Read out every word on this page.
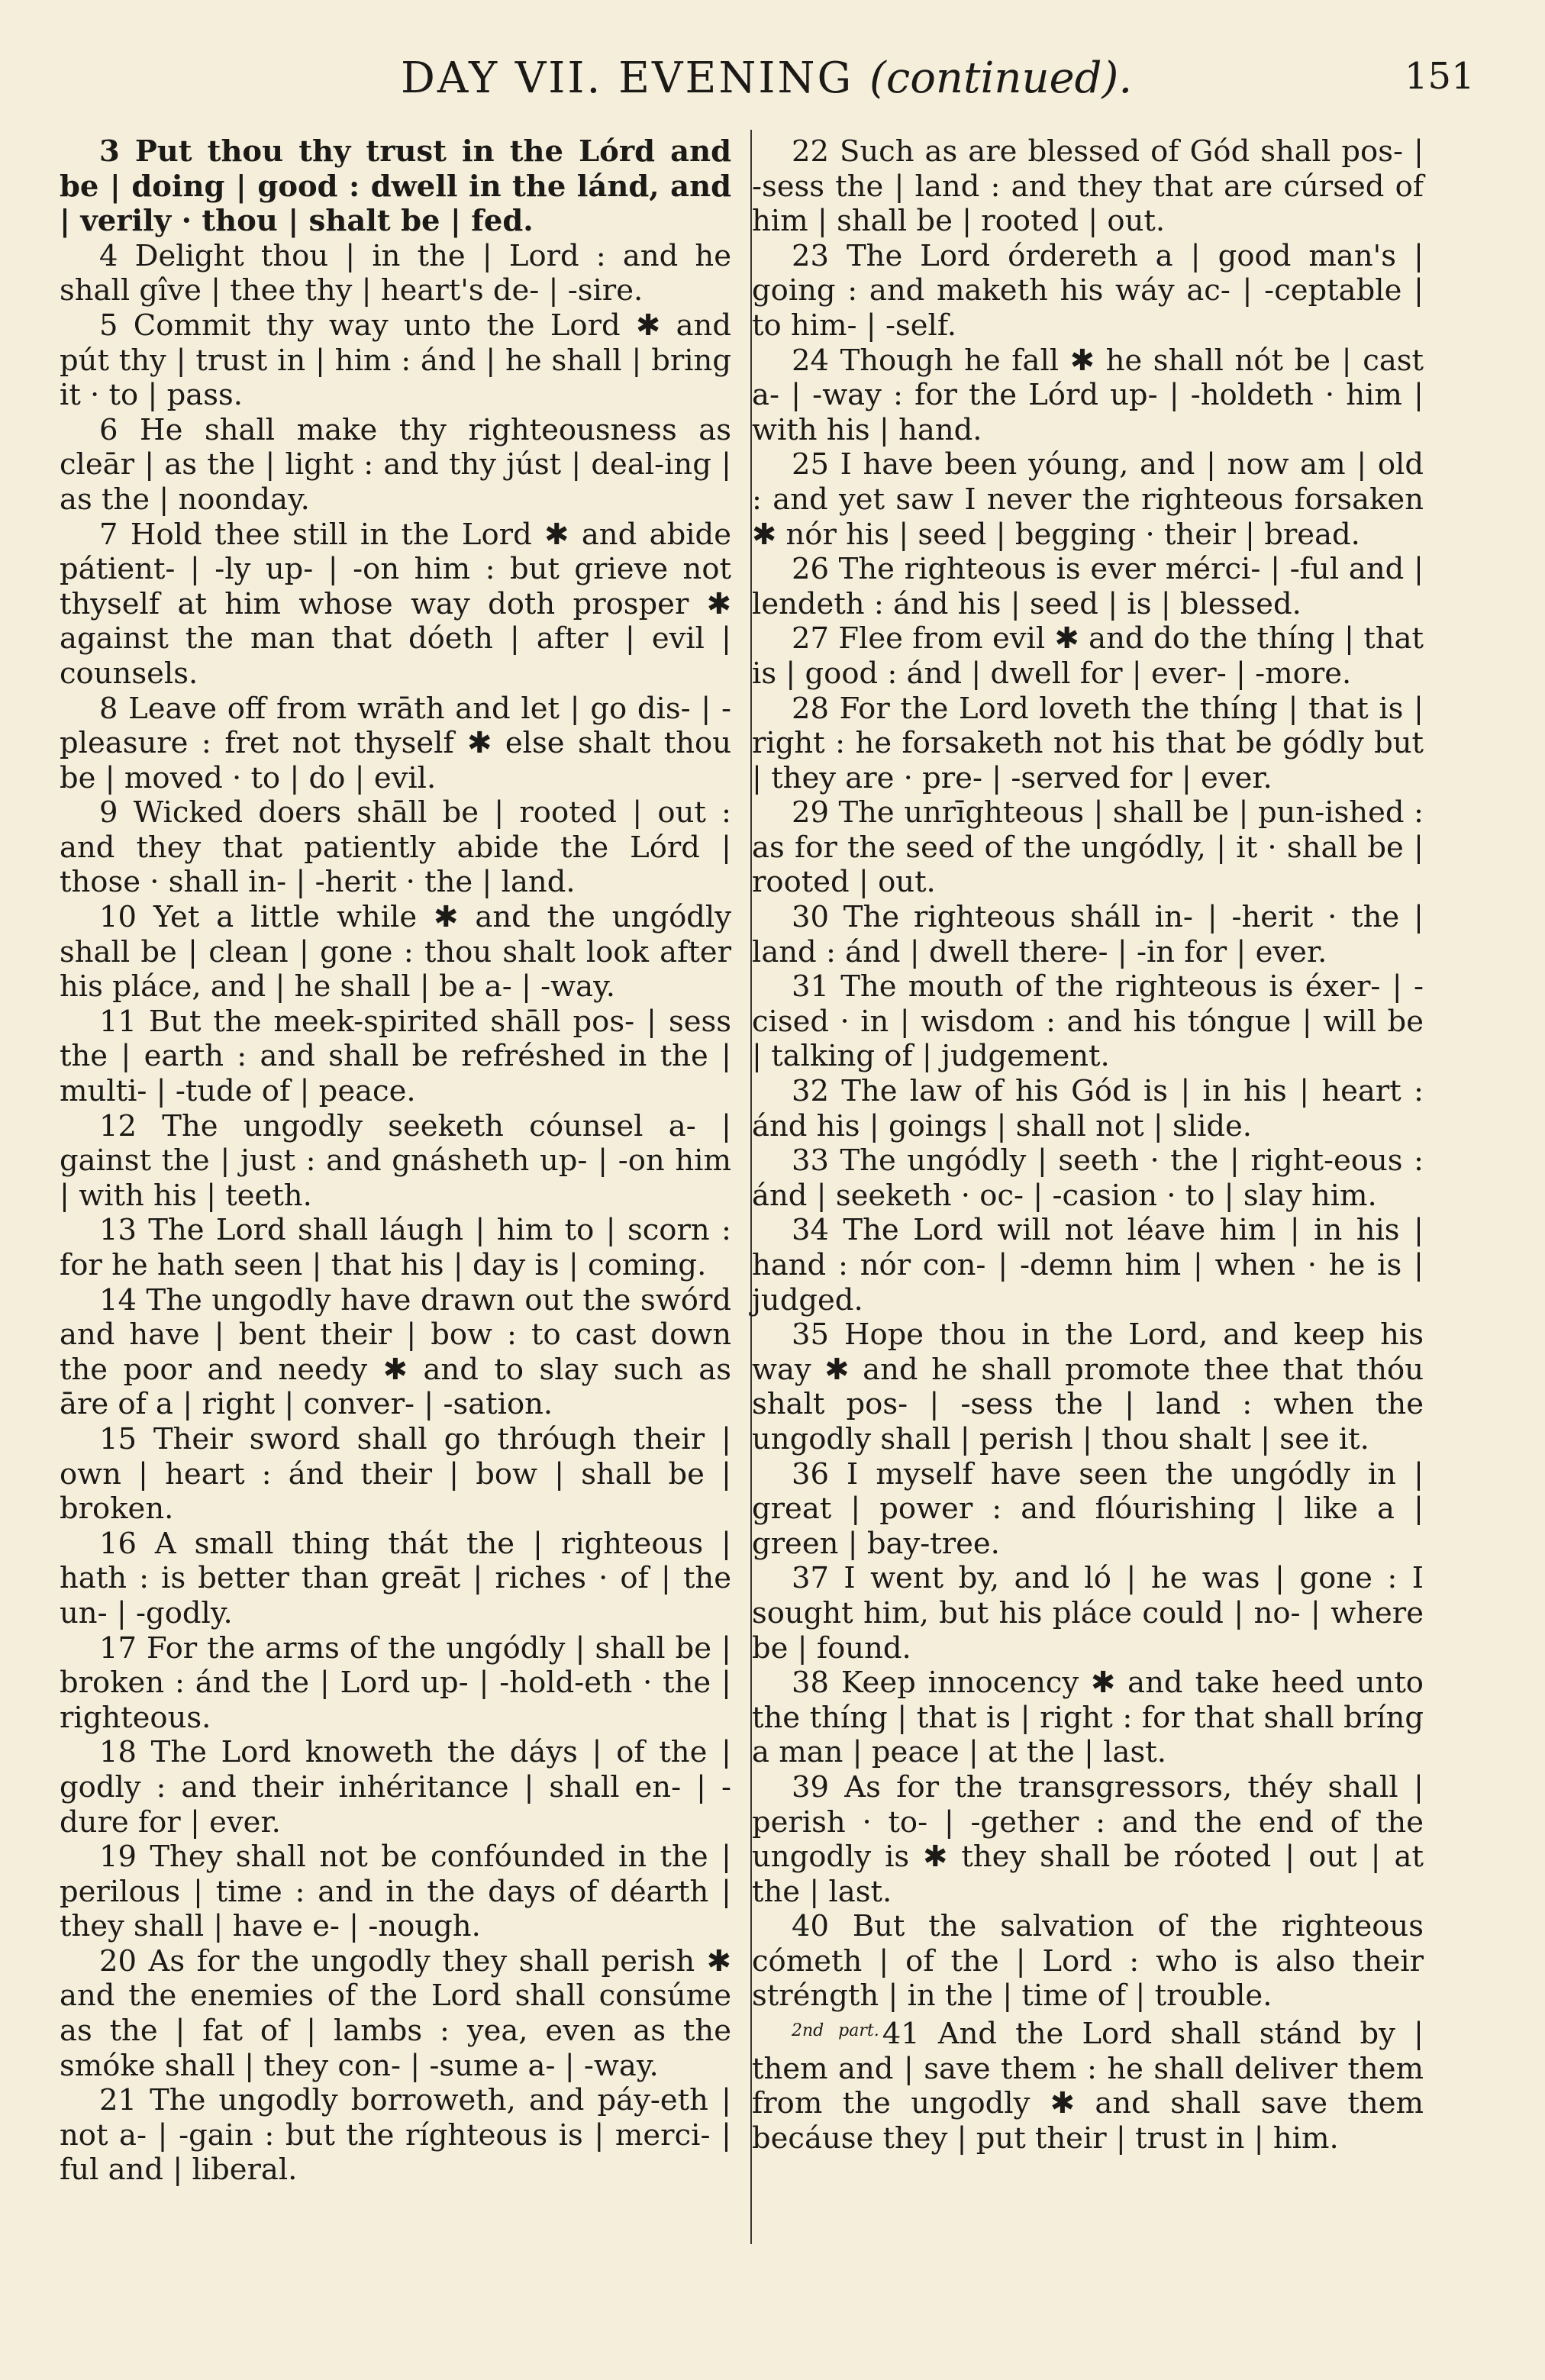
DAY VII. EVENING (continued).	151

3 Put thou thy trust in the Lórd and be | doing | good : dwell in the lánd, and | verily · thou | shalt be | fed.

4 Delight thou | in the | Lord : and he shall gîve | thee thy | heart's de- | -sire.

5 Commit thy way unto the Lord ✱ and pút thy | trust in | him : ánd | he shall | bring it · to | pass.

6 He shall make thy righteousness as cleār | as the | light : and thy júst | deal-ing | as the | noonday.

7 Hold thee still in the Lord ✱ and abide pátient- | -ly up- | -on him : but grieve not thyself at him whose way doth prosper ✱ against the man that dóeth | after | evil | counsels.

8 Leave off from wrāth and let | go dis- | -pleasure : fret not thyself ✱ else shalt thou be | moved · to | do | evil.

9 Wicked doers shāll be | rooted | out : and they that patiently abide the Lórd | those · shall in- | -herit · the | land.

10 Yet a little while ✱ and the ungódly shall be | clean | gone : thou shalt look after his pláce, and | he shall | be a- | -way.

11 But the meek-spirited shāll pos- | sess the | earth : and shall be refréshed in the | multi- | -tude of | peace.

12 The ungodly seeketh cóunsel a- | gainst the | just : and gnásheth up- | -on him | with his | teeth.

13 The Lord shall láugh | him to | scorn : for he hath seen | that his | day is | coming.

14 The ungodly have drawn out the swórd and have | bent their | bow : to cast down the poor and needy ✱ and to slay such as āre of a | right | conver- | -sation.

15 Their sword shall go thróugh their | own | heart : ánd their | bow | shall be | broken.

16 A small thing thát the | righteous | hath : is better than greāt | riches · of | the un- | -godly.

17 For the arms of the ungódly | shall be | broken : ánd the | Lord up- | -hold-eth · the | righteous.

18 The Lord knoweth the dáys | of the | godly : and their inhéritance | shall en- | -dure for | ever.

19 They shall not be confóunded in the | perilous | time : and in the days of déarth | they shall | have e- | -nough.

20 As for the ungodly they shall perish ✱ and the enemies of the Lord shall consúme as the | fat of | lambs : yea, even as the smóke shall | they con- | -sume a- | -way.

21 The ungodly borroweth, and páy-eth | not a- | -gain : but the ríghteous is | merci- | ful and | liberal.

22 Such as are blessed of Gód shall pos- | -sess the | land : and they that are cúrsed of him | shall be | rooted | out.

23 The Lord órdereth a | good man's | going : and maketh his wáy ac- | -ceptable | to him- | -self.

24 Though he fall ✱ he shall nót be | cast a- | -way : for the Lórd up- | -holdeth · him | with his | hand.

25 I have been yóung, and | now am | old : and yet saw I never the righteous forsaken ✱ nór his | seed | begging · their | bread.

26 The righteous is ever mérci- | -ful and | lendeth : ánd his | seed | is | blessed.

27 Flee from evil ✱ and do the thíng | that is | good : ánd | dwell for | ever- | -more.

28 For the Lord loveth the thíng | that is | right : he forsaketh not his that be gódly but | they are · pre- | -served for | ever.

29 The unrīghteous | shall be | pun-ished : as for the seed of the ungódly, | it · shall be | rooted | out.

30 The righteous sháll in- | -herit · the | land : ánd | dwell there- | -in for | ever.

31 The mouth of the righteous is éxer- | -cised · in | wisdom : and his tóngue | will be | talking of | judgement.

32 The law of his Gód is | in his | heart : ánd his | goings | shall not | slide.

33 The ungódly | seeth · the | right-eous : ánd | seeketh · oc- | -casion · to | slay him.

34 The Lord will not léave him | in his | hand : nór con- | -demn him | when · he is | judged.

35 Hope thou in the Lord, and keep his way ✱ and he shall promote thee that thóu shalt pos- | -sess the | land : when the ungodly shall | perish | thou shalt | see it.

36 I myself have seen the ungódly in | great | power : and flóurishing | like a | green | bay-tree.

37 I went by, and ló | he was | gone : I sought him, but his pláce could | no- | where be | found.

38 Keep innocency ✱ and take heed unto the thíng | that is | right : for that shall bríng a man | peace | at the | last.

39 As for the transgressors, théy shall | perish · to- | -gether : and the end of the ungodly is ✱ they shall be róoted | out | at the | last.

40 But the salvation of the righteous cómeth | of the | Lord : who is also their stréngth | in the | time of | trouble.

$^{2nd part.}$ 41 And the Lord shall stánd by | them and | save them : he shall deliver them from the ungodly ✱ and shall save them becáuse they | put their | trust in | him.
